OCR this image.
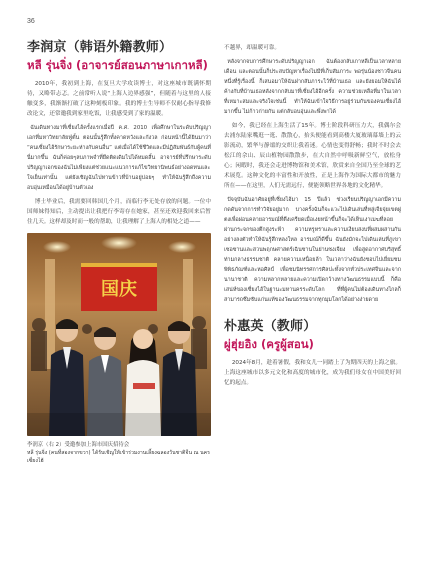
36
李润京（韩语外籍教师）
หลี รุ่นจิ่ง (อาจารย์สอนภาษาเกาหลี)

2010年，我初到上海，在复旦大学攻读博士，对这座城市既满怀期待，又略带忐忑。之前常听人说“上海人边界感强”，但随着与这里的人接触变多，我渐渐打破了这种刻板印象。我的博士生导师不仅耐心指导我修改论文，还常邀我到家里吃饭，让我感受到了家的温暖。

ฉันเดินทางมาที่เซี่ยงไฮ้ครั้งแรกเมื่อปี ค.ศ. 2010 เพื่อศึกษาในระดับปริญญาเอกที่มหาวิทยาลัยฟู่ตั้น ตอนนั้นรู้สึกทั้งคาดหวังและกังวล ก่อนหน้านี้ได้ยินมาว่า “คนเซี่ยงไฮ้รักษาระยะห่างกับคนอื่น” แต่เมื่อได้ใช้ชีวิตและมีปฏิสัมพันธ์กับผู้คนที่นี่มากขึ้น ฉันก็ค่อยๆลบภาพจำที่ยึดติดเดิมไปได้หมดสิ้น อาจารย์ที่ปรึกษาระดับปริญญาเอกของฉันไม่เพียงแต่ช่วยแนะแนวการแก้ไขวิทยานิพนธ์อย่างอดทนและใจเย็นเท่านั้น แต่ยังเชิญฉันไปทานข้าวที่บ้านอยู่บ่อยๆ ทำให้ฉันรู้สึกถึงความอบอุ่นเหมือนได้อยู่บ้านตัวเอง

博士毕业后，我需要回韩国几个月，而临行李无处存放的问题。一位中国师妹得知后，主动提出让我把行李寄存在她家，甚至还欢迎我回来后暂住几天。这样却及时而一般的帮助，让我理解了上海人的相处之道——

国庆
李润京（右 2）受邀参加上海市国庆招待会
หลี รุ่นจิ่ง (คนที่สองจากขวา) ได้รับเชิญให้เข้าร่วมงานเลี้ยงฉลองวันชาติจีน ณ นครเซี่ยงไฮ้

不越界，却温暖可靠。

หลังจากจบการศึกษาระดับปริญญาเอก ฉันต้องกลับเกาหลีเป็นเวลาหลายเดือน และตอนนั้นก็ประสบปัญหาเรื่องไม่มีที่เก็บสัมภาระ พอรุ่นน้องชาวจีนคนหนึ่งที่รู้เรื่องนี้ ก็เสนอมาให้ฉันฝากสัมภาระไว้ที่บ้านเธอ และยังยอมให้ฉันได้ค้างกับที่บ้านเธอหลังจากกลับมาที่เซี่ยงไฮ้อีกครั้ง ความช่วยเหลือที่มาในเวลาที่เหมาะสมและจริงใจเช่นนี้ ทำให้ฉันเข้าใจวิธีการอยู่ร่วมกันของคนเซี่ยงไฮ้มากขึ้น ไม่ก้าวก่ายกัน แต่กลับอบอุ่นและพึ่งพาได้

如今，我已经在上海生活了15年。博士阶段科研压力大，我偶尔会去浦东陆家嘴逛一逛、散散心，抬头便能看到高楼大厦玻璃幕墙上的云影流动，繁华与静谧的交织让我着迷。心情也变得舒畅；我时不时会去松江的佘山、辰山植物园散散步，在大自然中呼吸新鲜空气，放松身心；闲暇时，我还会走进博物馆和美术馆，欣赏来自全国乃至全球的艺术展览。这种文化的丰富性和开放性，正是上海作为国际大都市的魅力所在——在这里，人们无需远行，便能领略世界各地的文化精华。

ปัจจุบันฉันอาศัยอยู่ที่เซี่ยงไฮ้มา 15 ปีแล้ว ช่วงเรียนปริญญาเอกมีความกดดันจากการทำวิจัยอยู่มาก บางครั้งฉันก็จะแวะไปเดินเล่นที่หลู่เจียจุ่ยเขตผู่ตงเพื่อผ่อนคลายอารมณ์ที่ตึงเครียดเมื่อเงยหน้าขึ้นก็จะได้เห็นเงาเมฆที่ลอยผ่านกระจกของตึกสูงระฟ้า ความหรูหราและความเงียบสงบที่ผสมผสานกันอย่างลงตัวทำให้ฉันรู้สึกหลงใหล อารมณ์ก็ดีขึ้น ฉันยังมักจะไปเดินเล่นที่ภูเขาเซอซานและสวนพฤกษศาสตร์เฉินซานในย่านซงเจียง เพื่อสูดอากาศบริสุทธิ์ท่ามกลางธรรมชาติ คลายความเหนื่อยล้า ในเวลาว่างฉันยังชอบไปเยี่ยมชมพิพิธภัณฑ์และหอศิลป์ เพื่อชมนิทรรศการศิลปะทั้งจากทั่วประเทศจีนและจากนานาชาติ ความหลากหลายและความเปิดกว้างทางวัฒนธรรมแบบนี้ ก็คือเสน่ห์ของเซี่ยงไฮ้ในฐานะมหานครระดับโลก ที่ที่ผู้คนไม่ต้องเดินทางไกลก็สามารถซึมซับแก่นแท้ของวัฒนธรรมจากทุกมุมโลกได้อย่างง่ายดาย

朴惠英（教师）
ผู่ฮุ่ยอิง (ครูผู้สอน)

2024年8月，趁着暑假，我和女儿一同踏上了为期四天的上海之旅。上海这座城市以多元文化和高度的城市化，成为我们母女在中国美好回忆的起点。
